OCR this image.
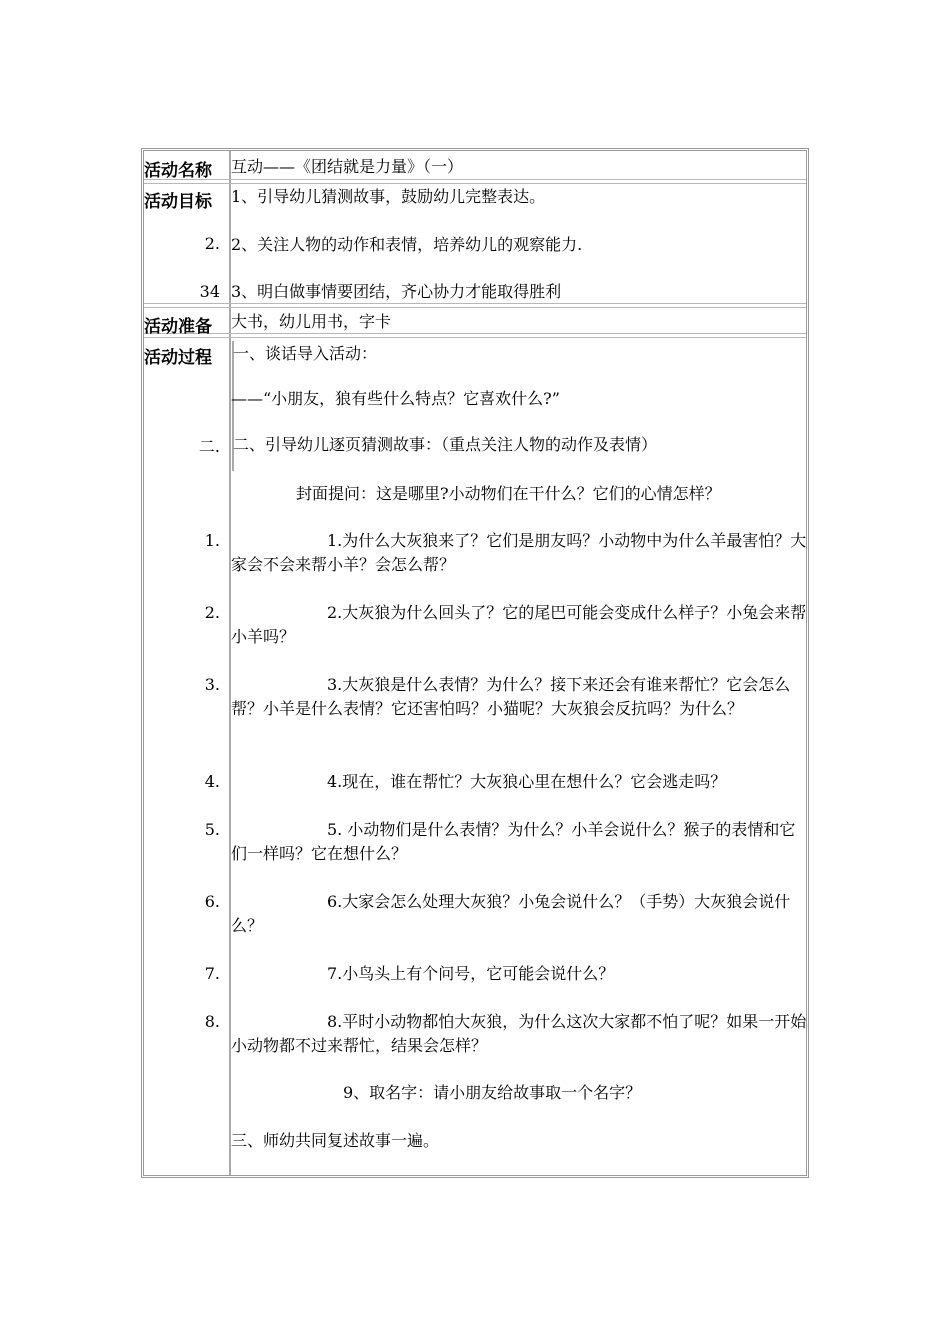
活动名称	互动——《团结就是力量》（一）
活动目标	1、引导幼儿猜测故事，鼓励幼儿完整表达。
2. 2、关注人物的动作和表情，培养幼儿的观察能力.
34 3、明白做事情要团结，齐心协力才能取得胜利
活动准备	大书，幼儿用书，字卡
活动过程	一、谈话导入活动：
——“小朋友，狼有些什么特点？它喜欢什么?”
二. 二、引导幼儿逐页猜测故事：（重点关注人物的动作及表情）
封面提问：这是哪里?小动物们在干什么？它们的心情怎样？
1.	1.为什么大灰狼来了？它们是朋友吗？小动物中为什么羊最害怕？大家会不会来帮小羊？会怎么帮？
2.	2.大灰狼为什么回头了？它的尾巴可能会变成什么样子？小兔会来帮小羊吗？
3.	3.大灰狼是什么表情？为什么？接下来还会有谁来帮忙？它会怎么帮？小羊是什么表情？它还害怕吗？小猫呢？大灰狼会反抗吗？为什么？
4.	4.现在，谁在帮忙？大灰狼心里在想什么？它会逃走吗？
5.	5. 小动物们是什么表情？为什么？小羊会说什么？猴子的表情和它们一样吗？它在想什么？
6.	6.大家会怎么处理大灰狼？小兔会说什么？（手势）大灰狼会说什么？
7.	7.小鸟头上有个问号，它可能会说什么？
8.	8.平时小动物都怕大灰狼，为什么这次大家都不怕了呢？如果一开始小动物都不过来帮忙，结果会怎样？
9、取名字：请小朋友给故事取一个名字？
三、师幼共同复述故事一遍。
